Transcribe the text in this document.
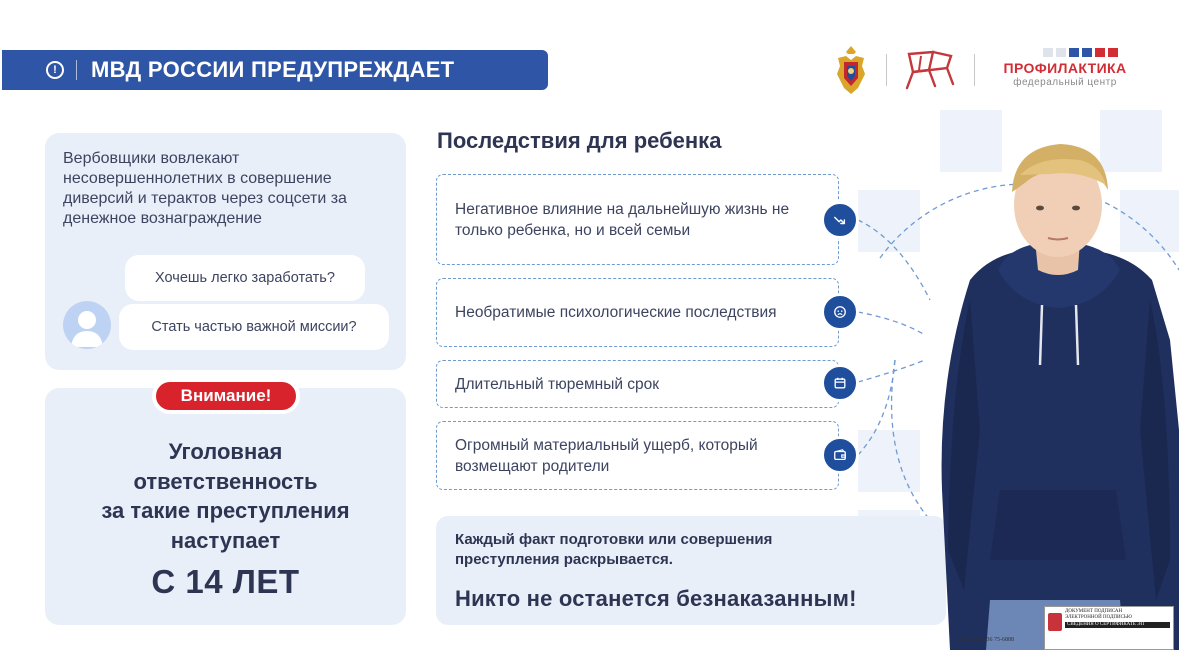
!	МВД РОССИИ ПРЕДУПРЕЖДАЕТ	ПРОФИЛАКТИКА
федеральный центр
Вербовщики вовлекают несовершеннолетних в совершение диверсий и терактов через соцсети за денежное вознаграждение
Хочешь легко заработать?
Стать частью важной миссии?
Внимание!
Уголовная
ответственность
за такие преступления
наступает
С 14 ЛЕТ
Последствия для ребенка
Негативное влияние на дальнейшую жизнь не только ребенка, но и всей семьи
Необратимые психологические последствия
Длительный тюремный срок
Огромный материальный ущерб, который возмещают родители
Каждый факт подготовки или совершения преступления раскрывается.
Никто не останется безнаказанным!
ДОКУМЕНТ ПОДПИСАН
ЭЛЕКТРОННОЙ ПОДПИСЬЮ
СВЕДЕНИЯ О СЕРТИФИКАТЕ ЭП
23.06.2026 36 75-6888
